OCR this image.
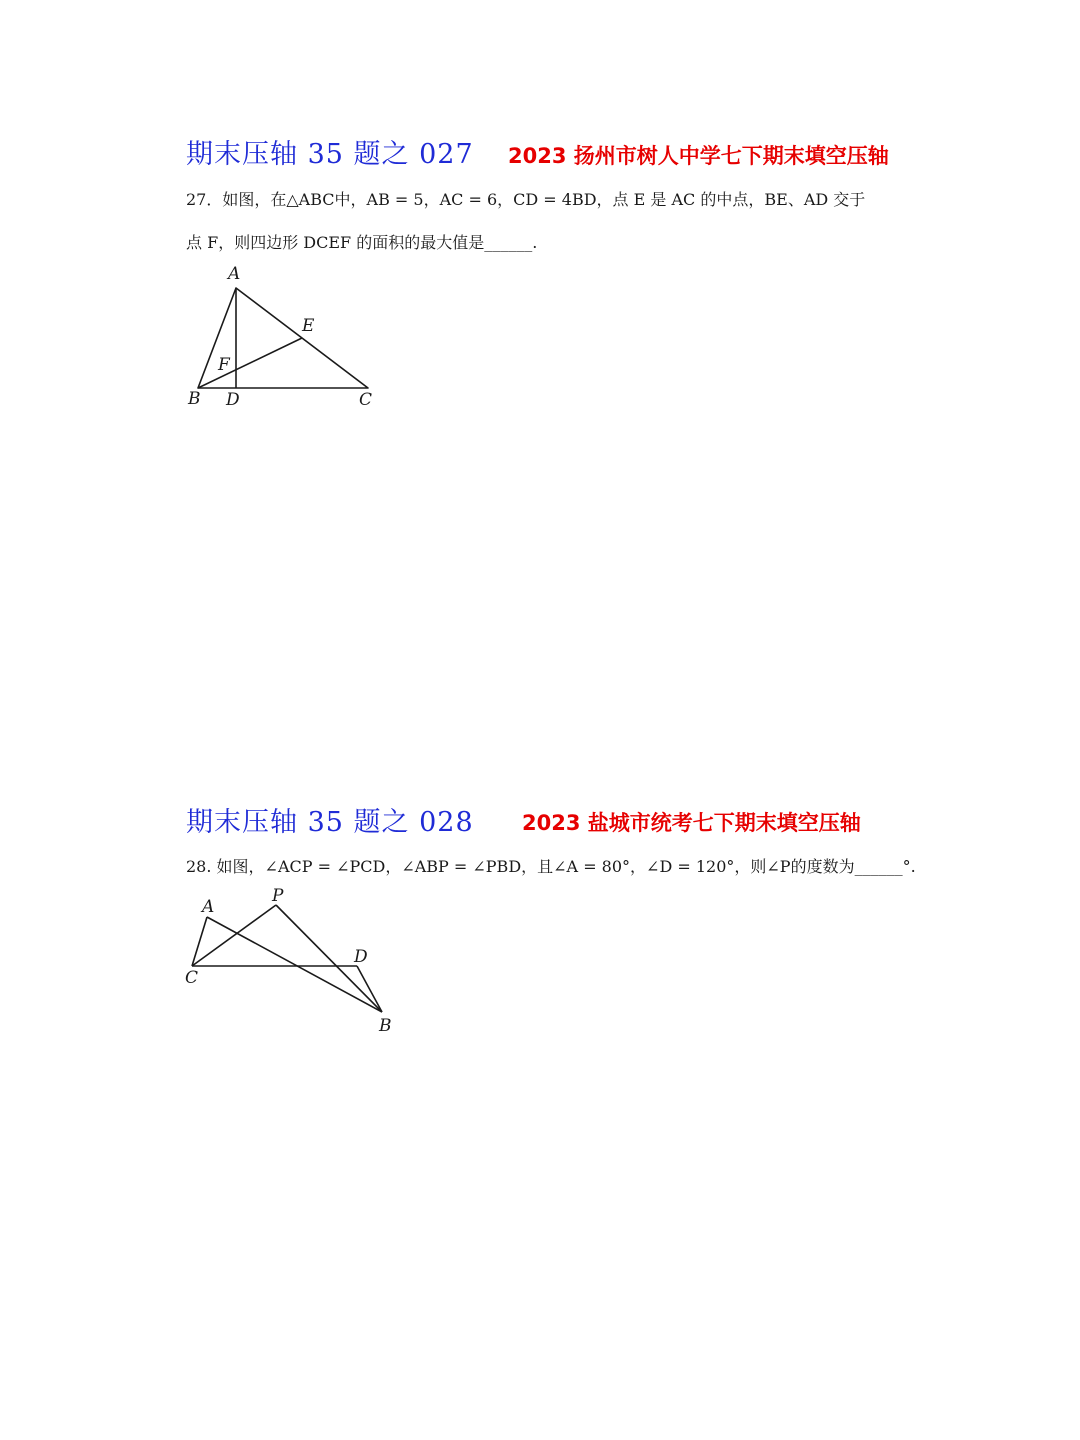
期末压轴 35 题之 027 2023 扬州市树人中学七下期末填空压轴
27．如图，在△ABC中，AB = 5，AC = 6，CD = 4BD，点 E 是 AC 的中点，BE、AD 交于
点 F，则四边形 DCEF 的面积的最大值是______.
A
B D	C
E
F
期末压轴 35 题之 028 2023 盐城市统考七下期末填空压轴
28. 如图，∠ACP = ∠PCD，∠ABP = ∠PBD，且∠A = 80°，∠D = 120°，则∠P的度数为______°.
A
P
C
D
B
